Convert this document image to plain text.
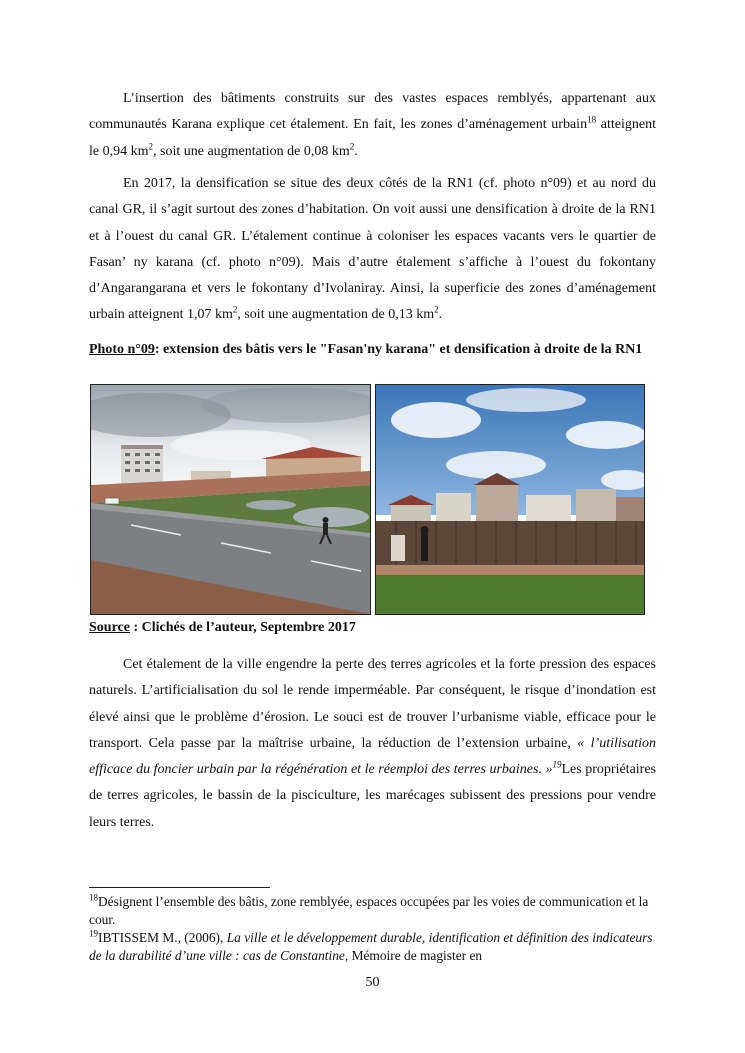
L’insertion des bâtiments construits sur des vastes espaces remblyés, appartenant aux communautés Karana explique cet étalement. En fait, les zones d’aménagement urbain$^{18}$ atteignent le 0,94 $km^2$, soit une augmentation de 0,08 $km^2$.

En 2017, la densification se situe des deux côtés de la RN1 (cf. photo n°09) et au nord du canal GR, il s’agit surtout des zones d’habitation. On voit aussi une densification à droite de la RN1 et à l’ouest du canal GR. L’étalement continue à coloniser les espaces vacants vers le quartier de Fasan’ ny karana (cf. photo n°09). Mais d’autre étalement s’affiche à l’ouest du fokontany d’Angarangarana et vers le fokontany d’Ivolaniray. Ainsi, la superficie des zones d’aménagement urbain atteignent 1,07 $km^2$, soit une augmentation de 0,13 $km^2$.

Photo n°09: extension des bâtis vers le "Fasan'ny karana" et densification à droite de la RN1

Source : Clichés de l’auteur, Septembre 2017

Cet étalement de la ville engendre la perte des terres agricoles et la forte pression des espaces naturels. L’artificialisation du sol le rende imperméable. Par conséquent, le risque d’inondation est élevé ainsi que le problème d’érosion. Le souci est de trouver l’urbanisme viable, efficace pour le transport. Cela passe par la maîtrise urbaine, la réduction de l’extension urbaine, « l’utilisation efficace du foncier urbain par la régénération et le réemploi des terres urbaines. »$^{19}$Les propriétaires de terres agricoles, le bassin de la pisciculture, les marécages subissent des pressions pour vendre leurs terres.

$^{18}$Désignent l’ensemble des bâtis, zone remblyée, espaces occupées par les voies de communication et la cour.

$^{19}$IBTISSEM M., (2006), La ville et le développement durable, identification et définition des indicateurs de la durabilité d’une ville : cas de Constantine, Mémoire de magister en

50
